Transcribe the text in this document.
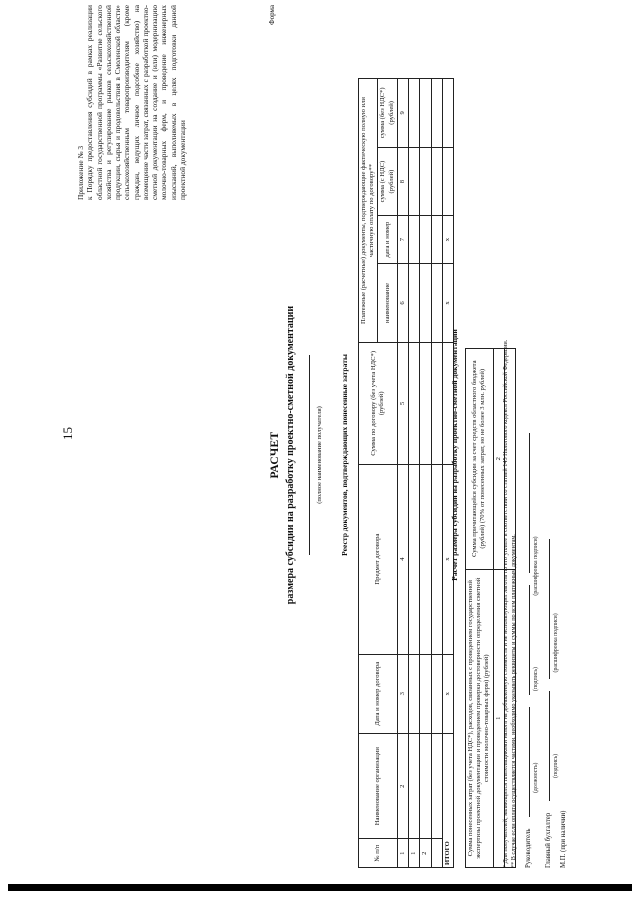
15

Приложение № 3 к Порядку предоставления субсидий в рамках реализации областной государственной программы «Развитие сельского хозяйства и регулирование рынков сельскохозяйственной продукции, сырья и продовольствия в Смоленской области» сельскохозяйственным товаропроизводителям (кроме граждан, ведущих личное подсобное хозяйство) на возмещение части затрат, связанных с разработкой проектно-сметной документации на создание и (или) модернизацию молочно-товарных ферм, и проведение инженерных изысканий, выполняемых в целях подготовки данной проектной документации

Форма
РАСЧЕТ размера субсидии на разработку проектно-сметной документации	(полное наименование получателя) Реестр документов, подтверждающих понесенные затраты
№ п/п	Наименование организации	Дата и номер договора	Предмет договора	Сумма по договору (без учета НДС*) (рублей)	Платежные (расчетные) документы, подтверждающие фактическую полную или частичную оплату по договору**			
					наименование	дата и номер	сумма (с НДС) (рублей)	сумма (без НДС*) (рублей)
1	2	3	4	5	6	7	8	9
1								
2								

ИТОГО		х	х		х	х		
Расчет размера субсидии на разработку проектно-сметной документации
Сумма понесенных затрат (без учета НДС*), расходов, связанных с проведением государственной экспертизы проектной документации и проведением проверки достоверности определения сметной стоимости молочно-товарных ферм) (рублей)	Сумма причитающейся субсидии за счет средств областного бюджета (рублей) (70% от понесенных затрат, но не более 3 млн. рублей)
1	2
	* Для получателей, являющихся плательщиками налога на добавленную стоимость и не использующих льготы по его уплате в соответствии со статьей 145 Налогового кодекса Российской Федерации. ** В случае если оплата осуществляется частями, необходимо указывать реквизиты и суммы по всем платежным документам. Руководитель
(должность) (подпись) (расшифровка подписи)
Главный бухгалтер
(подпись) (расшифровка подписи)
М.П. (при наличии)
